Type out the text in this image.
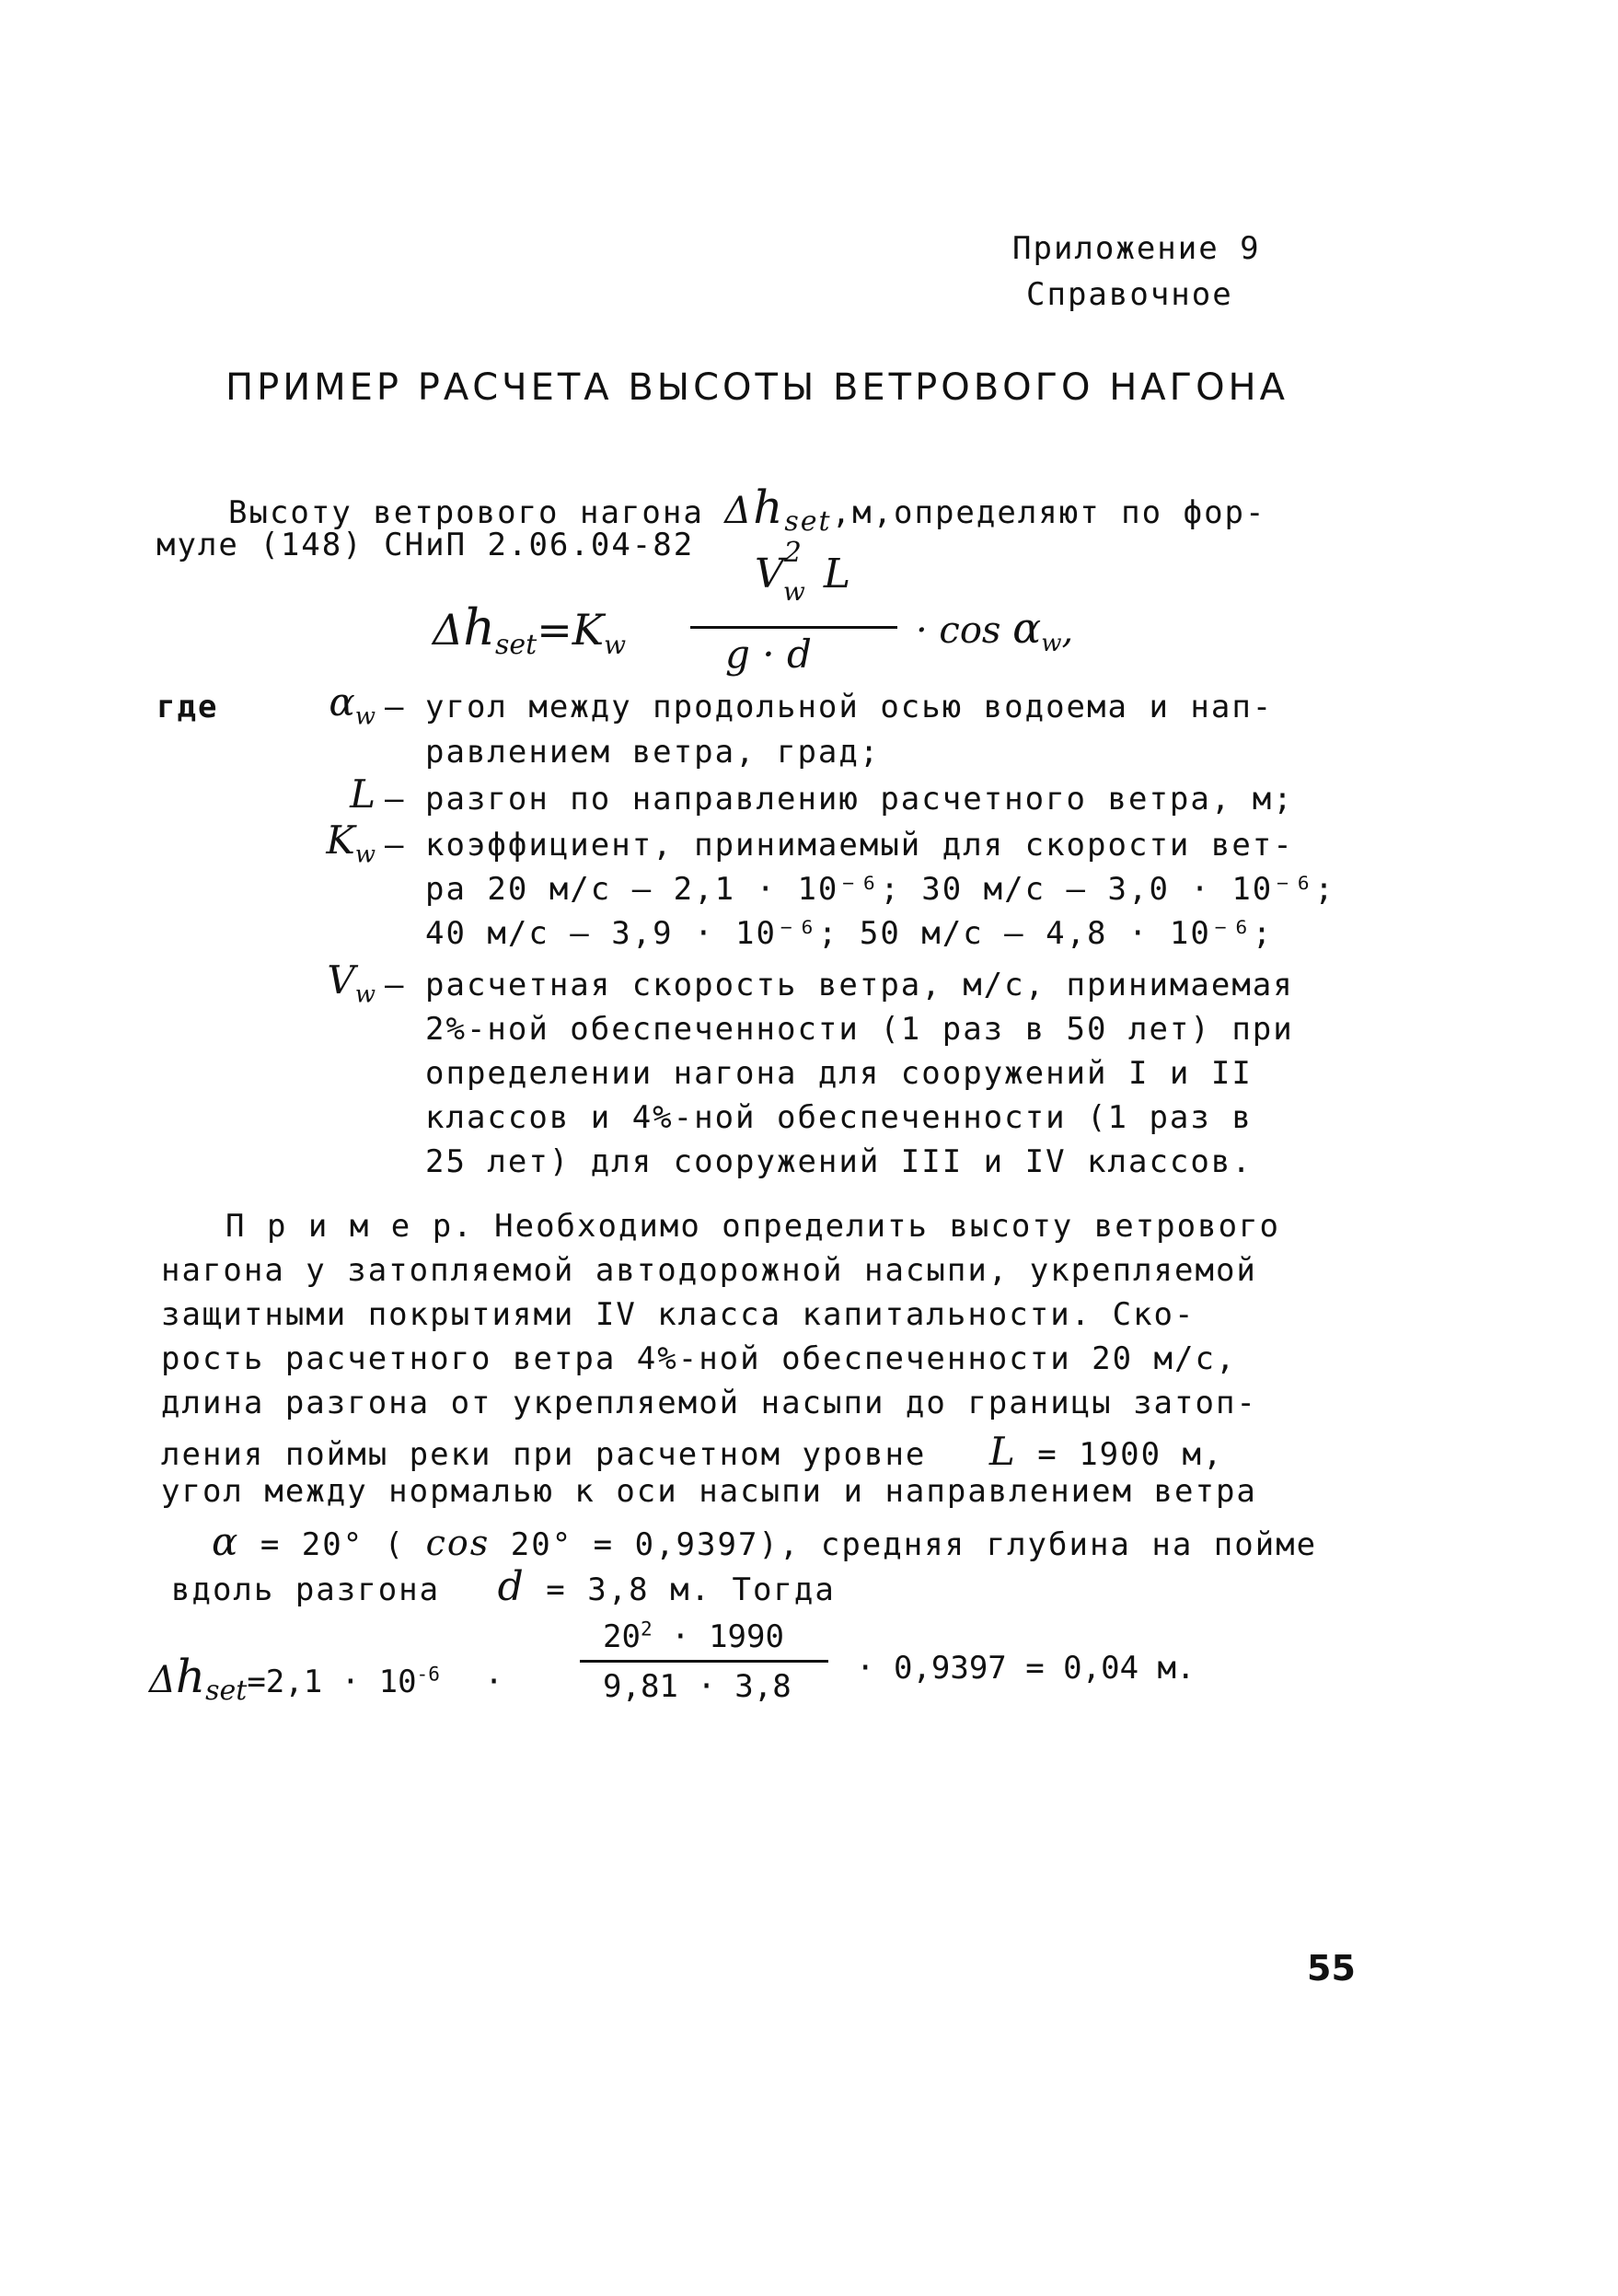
Приложение 9
Справочное
ПРИМЕР РАСЧЕТА ВЫСОТЫ ВЕТРОВОГО НАГОНА
Высоту ветрового нагона $\Delta h_{set},м,определяют$ по фор-
муле (148) СНиП 2.06.04-82
$\Delta h_{set}=K_w$
$V^2_w$ L
g · d
· $\cos \alpha_w$,
где	$\alpha_w$ – угол между продольной осью водоема и нап-
равлением ветра, град;
L – разгон по направлению расчетного ветра, м;
$K_w$ – коэффициент, принимаемый для скорости вет-
ра 20 м/с – 2,1 · 10⁻⁶; 30 м/с – 3,0 · 10⁻⁶;
40 м/с – 3,9 · 10⁻⁶; 50 м/с – 4,8 · 10⁻⁶;
$V_w$ – расчетная скорость ветра, м/с, принимаемая
2%-ной обеспеченности (1 раз в 50 лет) при
определении нагона для сооружений I и II
классов и 4%-ной обеспеченности (1 раз в
25 лет) для сооружений III и IV классов.
П р и м е р. Необходимо определить высоту ветрового
нагона у затопляемой автодорожной насыпи, укрепляемой
защитными покрытиями IV класса капитальности. Ско-
рость расчетного ветра 4%-ной обеспеченности 20 м/с,
длина разгона от укрепляемой насыпи до границы затоп-
ления поймы реки при расчетном уровне L = 1900 м,
угол между нормалью к оси насыпи и направлением ветра
α = 20° ( cos 20° = 0,9397), средняя глубина на пойме
вдоль разгона d = 3,8 м. Тогда
$\Delta h_{set}=2,1 \cdot 10^{-6}$ ·
$20^2 \cdot 1990$
9,81 · 3,8 · 0,9397 = 0,04 м.
55
